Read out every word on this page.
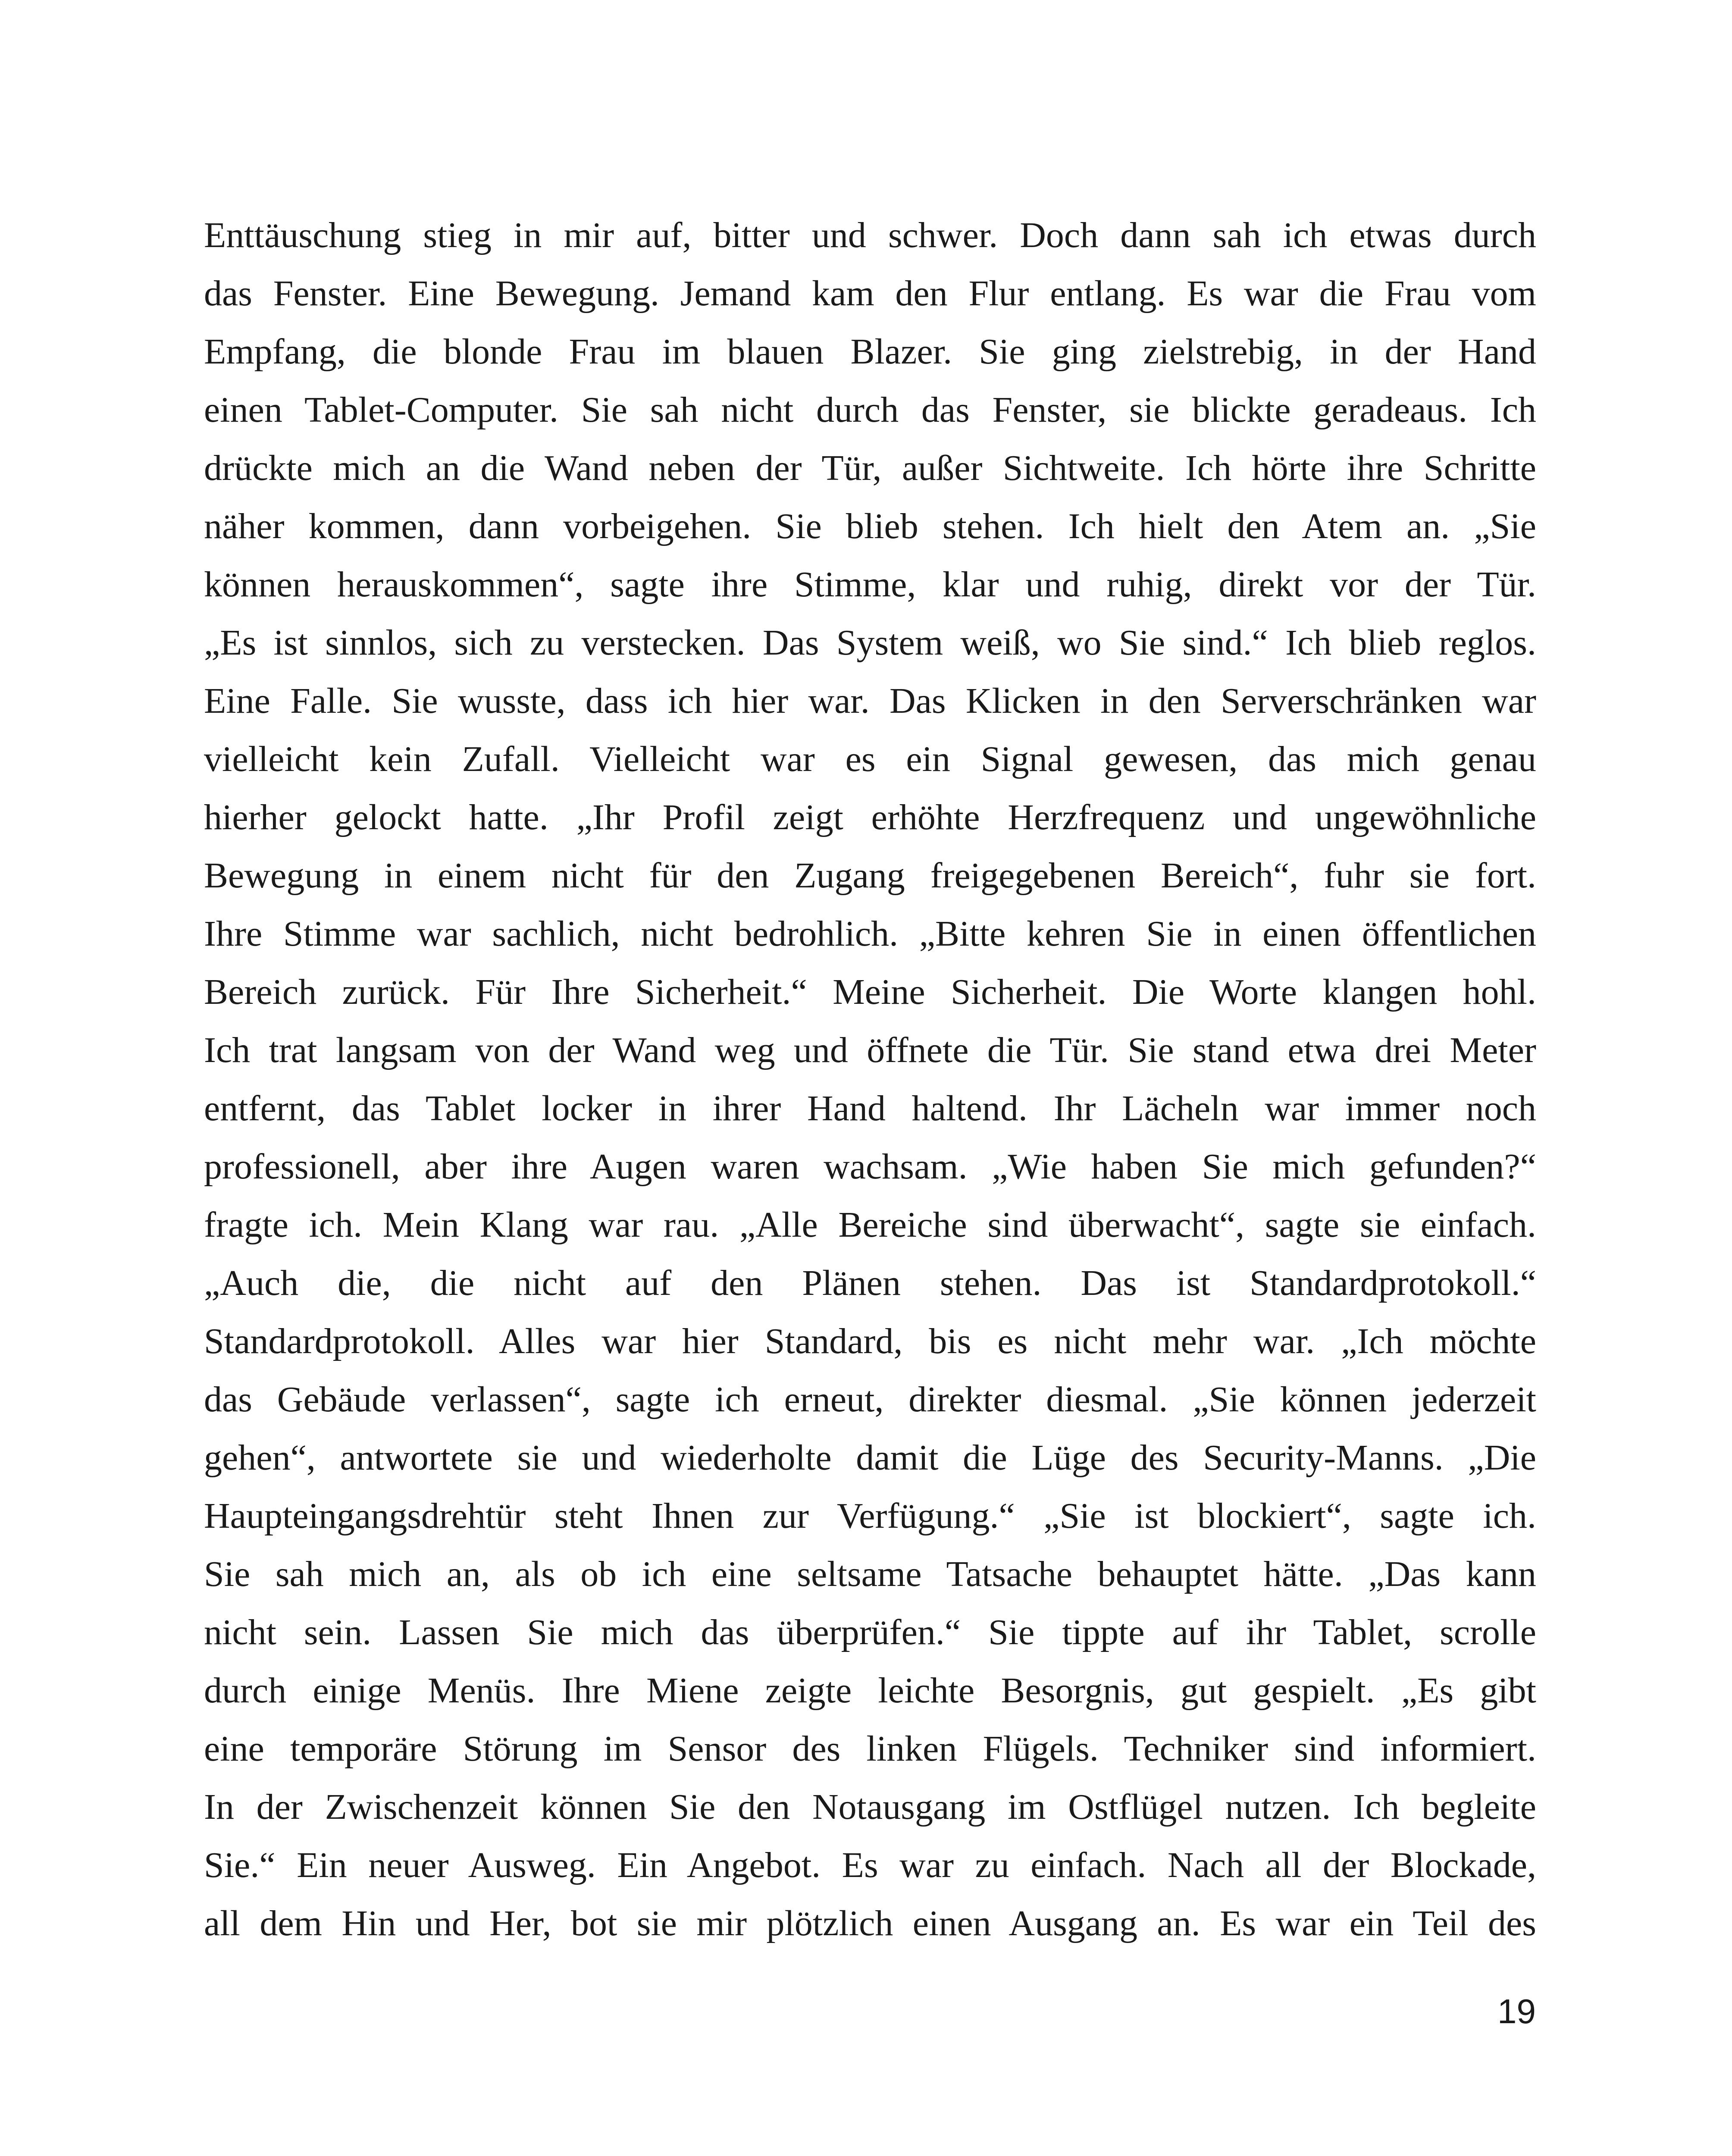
Enttäuschung stieg in mir auf, bitter und schwer. Doch dann sah ich etwas durch
das Fenster. Eine Bewegung. Jemand kam den Flur entlang. Es war die Frau vom
Empfang, die blonde Frau im blauen Blazer. Sie ging zielstrebig, in der Hand
einen Tablet-Computer. Sie sah nicht durch das Fenster, sie blickte geradeaus. Ich
drückte mich an die Wand neben der Tür, außer Sichtweite. Ich hörte ihre Schritte
näher kommen, dann vorbeigehen. Sie blieb stehen. Ich hielt den Atem an. „Sie
können herauskommen“, sagte ihre Stimme, klar und ruhig, direkt vor der Tür.
„Es ist sinnlos, sich zu verstecken. Das System weiß, wo Sie sind.“ Ich blieb reglos.
Eine Falle. Sie wusste, dass ich hier war. Das Klicken in den Serverschränken war
vielleicht kein Zufall. Vielleicht war es ein Signal gewesen, das mich genau
hierher gelockt hatte. „Ihr Profil zeigt erhöhte Herzfrequenz und ungewöhnliche
Bewegung in einem nicht für den Zugang freigegebenen Bereich“, fuhr sie fort.
Ihre Stimme war sachlich, nicht bedrohlich. „Bitte kehren Sie in einen öffentlichen
Bereich zurück. Für Ihre Sicherheit.“ Meine Sicherheit. Die Worte klangen hohl.
Ich trat langsam von der Wand weg und öffnete die Tür. Sie stand etwa drei Meter
entfernt, das Tablet locker in ihrer Hand haltend. Ihr Lächeln war immer noch
professionell, aber ihre Augen waren wachsam. „Wie haben Sie mich gefunden?“
fragte ich. Mein Klang war rau. „Alle Bereiche sind überwacht“, sagte sie einfach.
„Auch die, die nicht auf den Plänen stehen. Das ist Standardprotokoll.“
Standardprotokoll. Alles war hier Standard, bis es nicht mehr war. „Ich möchte
das Gebäude verlassen“, sagte ich erneut, direkter diesmal. „Sie können jederzeit
gehen“, antwortete sie und wiederholte damit die Lüge des Security-Manns. „Die
Haupteingangsdrehtür steht Ihnen zur Verfügung.“ „Sie ist blockiert“, sagte ich.
Sie sah mich an, als ob ich eine seltsame Tatsache behauptet hätte. „Das kann
nicht sein. Lassen Sie mich das überprüfen.“ Sie tippte auf ihr Tablet, scrolle
durch einige Menüs. Ihre Miene zeigte leichte Besorgnis, gut gespielt. „Es gibt
eine temporäre Störung im Sensor des linken Flügels. Techniker sind informiert.
In der Zwischenzeit können Sie den Notausgang im Ostflügel nutzen. Ich begleite
Sie.“ Ein neuer Ausweg. Ein Angebot. Es war zu einfach. Nach all der Blockade,
all dem Hin und Her, bot sie mir plötzlich einen Ausgang an. Es war ein Teil des

19
